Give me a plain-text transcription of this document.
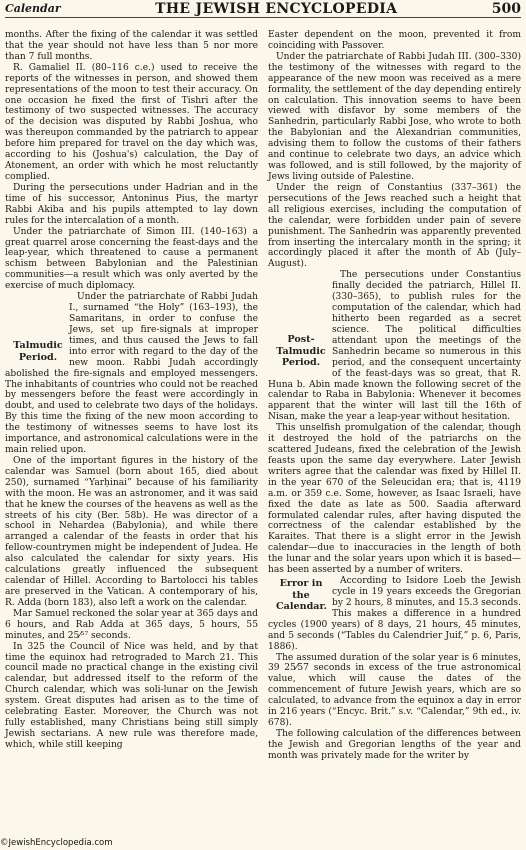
Calendar	THE JEWISH ENCYCLOPEDIA	500

months. After the fixing of the calendar it was settled that the year should not have less than 5 nor more than 7 full months.

R. Gamaliel II. (80–116 c.e.) used to receive the reports of the witnesses in person, and showed them representations of the moon to test their accuracy. On one occasion he fixed the first of Tishri after the testimony of two suspected witnesses. The accuracy of the decision was disputed by Rabbi Joshua, who was thereupon commanded by the patriarch to appear before him prepared for travel on the day which was, according to his (Joshua's) calculation, the Day of Atonement, an order with which he most reluctantly complied.

During the persecutions under Hadrian and in the time of his successor, Antoninus Pius, the martyr Rabbi Akiba and his pupils attempted to lay down rules for the intercalation of a month.

Under the patriarchate of Simon III. (140–163) a great quarrel arose concerning the feast-days and the leap-year, which threatened to cause a permanent schism between Babylonian and the Palestinian communities—a result which was only averted by the exercise of much diplomacy.

Talmudic
Period.
Under the patriarchate of Rabbi Judah I., surnamed “the Holy” (163–193), the Samaritans, in order to confuse the Jews, set up fire-signals at improper times, and thus caused the Jews to fall into error with regard to the day of the new moon. Rabbi Judah accordingly abolished the fire-signals and employed messengers. The inhabitants of countries who could not be reached by messengers before the feast were accordingly in doubt, and used to celebrate two days of the holidays. By this time the fixing of the new moon according to the testimony of witnesses seems to have lost its importance, and astronomical calculations were in the main relied upon.

One of the important figures in the history of the calendar was Samuel (born about 165, died about 250), surnamed “Yarḥinai” because of his familiarity with the moon. He was an astronomer, and it was said that he knew the courses of the heavens as well as the streets of his city (Ber. 58b). He was director of a school in Nehardea (Babylonia), and while there arranged a calendar of the feasts in order that his fellow-countrymen might be independent of Judea. He also calculated the calendar for sixty years. His calculations greatly influenced the subsequent calendar of Hillel. According to Bartolocci his tables are preserved in the Vatican. A contemporary of his, R. Adda (born 183), also left a work on the calendar.

Mar Samuel reckoned the solar year at 365 days and 6 hours, and Rab Adda at 365 days, 5 hours, 55 minutes, and 25⁄⁵⁷ seconds.

In 325 the Council of Nice was held, and by that time the equinox had retrograded to March 21. This council made no practical change in the existing civil calendar, but addressed itself to the reform of the Church calendar, which was soli-lunar on the Jewish system. Great disputes had arisen as to the time of celebrating Easter. Moreover, the Church was not fully established, many Christians being still simply Jewish sectarians. A new rule was therefore made, which, while still keeping

Easter dependent on the moon, prevented it from coinciding with Passover.

Under the patriarchate of Rabbi Judah III. (300–330) the testimony of the witnesses with regard to the appearance of the new moon was received as a mere formality, the settlement of the day depending entirely on calculation. This innovation seems to have been viewed with disfavor by some members of the Sanhedrin, particularly Rabbi Jose, who wrote to both the Babylonian and the Alexandrian communities, advising them to follow the customs of their fathers and continue to celebrate two days, an advice which was followed, and is still followed, by the majority of Jews living outside of Palestine.

Under the reign of Constantius (337–361) the persecutions of the Jews reached such a height that all religious exercises, including the computation of the calendar, were forbidden under pain of severe punishment. The Sanhedrin was apparently prevented from inserting the intercalary month in the spring; it accordingly placed it after the month of Ab (July–August).

Post-
Talmudic
Period.
The persecutions under Constantius finally decided the patriarch, Hillel II. (330–365), to publish rules for the computation of the calendar, which had hitherto been regarded as a secret science. The political difficulties attendant upon the meetings of the Sanhedrin became so numerous in this period, and the consequent uncertainty of the feast-days was so great, that R. Huna b. Abin made known the following secret of the calendar to Raba in Babylonia: Whenever it becomes apparent that the winter will last till the 16th of Nisan, make the year a leap-year without hesitation.

This unselfish promulgation of the calendar, though it destroyed the hold of the patriarchs on the scattered Judeans, fixed the celebration of the Jewish feasts upon the same day everywhere. Later Jewish writers agree that the calendar was fixed by Hillel II. in the year 670 of the Seleucidan era; that is, 4119 a.m. or 359 c.e. Some, however, as Isaac Israeli, have fixed the date as late as 500. Saadia afterward formulated calendar rules, after having disputed the correctness of the calendar established by the Karaites. That there is a slight error in the Jewish calendar—due to inaccuracies in the length of both the lunar and the solar years upon which it is based—has been asserted by a number of writers.

Error in
the
Calendar.
According to Isidore Loeb the Jewish cycle in 19 years exceeds the Gregorian by 2 hours, 8 minutes, and 15.3 seconds. This makes a difference in a hundred cycles (1900 years) of 8 days, 21 hours, 45 minutes, and 5 seconds (“Tables du Calendrier Juif,” p. 6, Paris, 1886).

The assumed duration of the solar year is 6 minutes, 39 25⁄57 seconds in excess of the true astronomical value, which will cause the dates of the commencement of future Jewish years, which are so calculated, to advance from the equinox a day in error in 216 years (“Encyc. Brit.” s.v. “Calendar,” 9th ed., iv. 678).

The following calculation of the differences between the Jewish and Gregorian lengths of the year and month was privately made for the writer by

©JewishEncyclopedia.com
